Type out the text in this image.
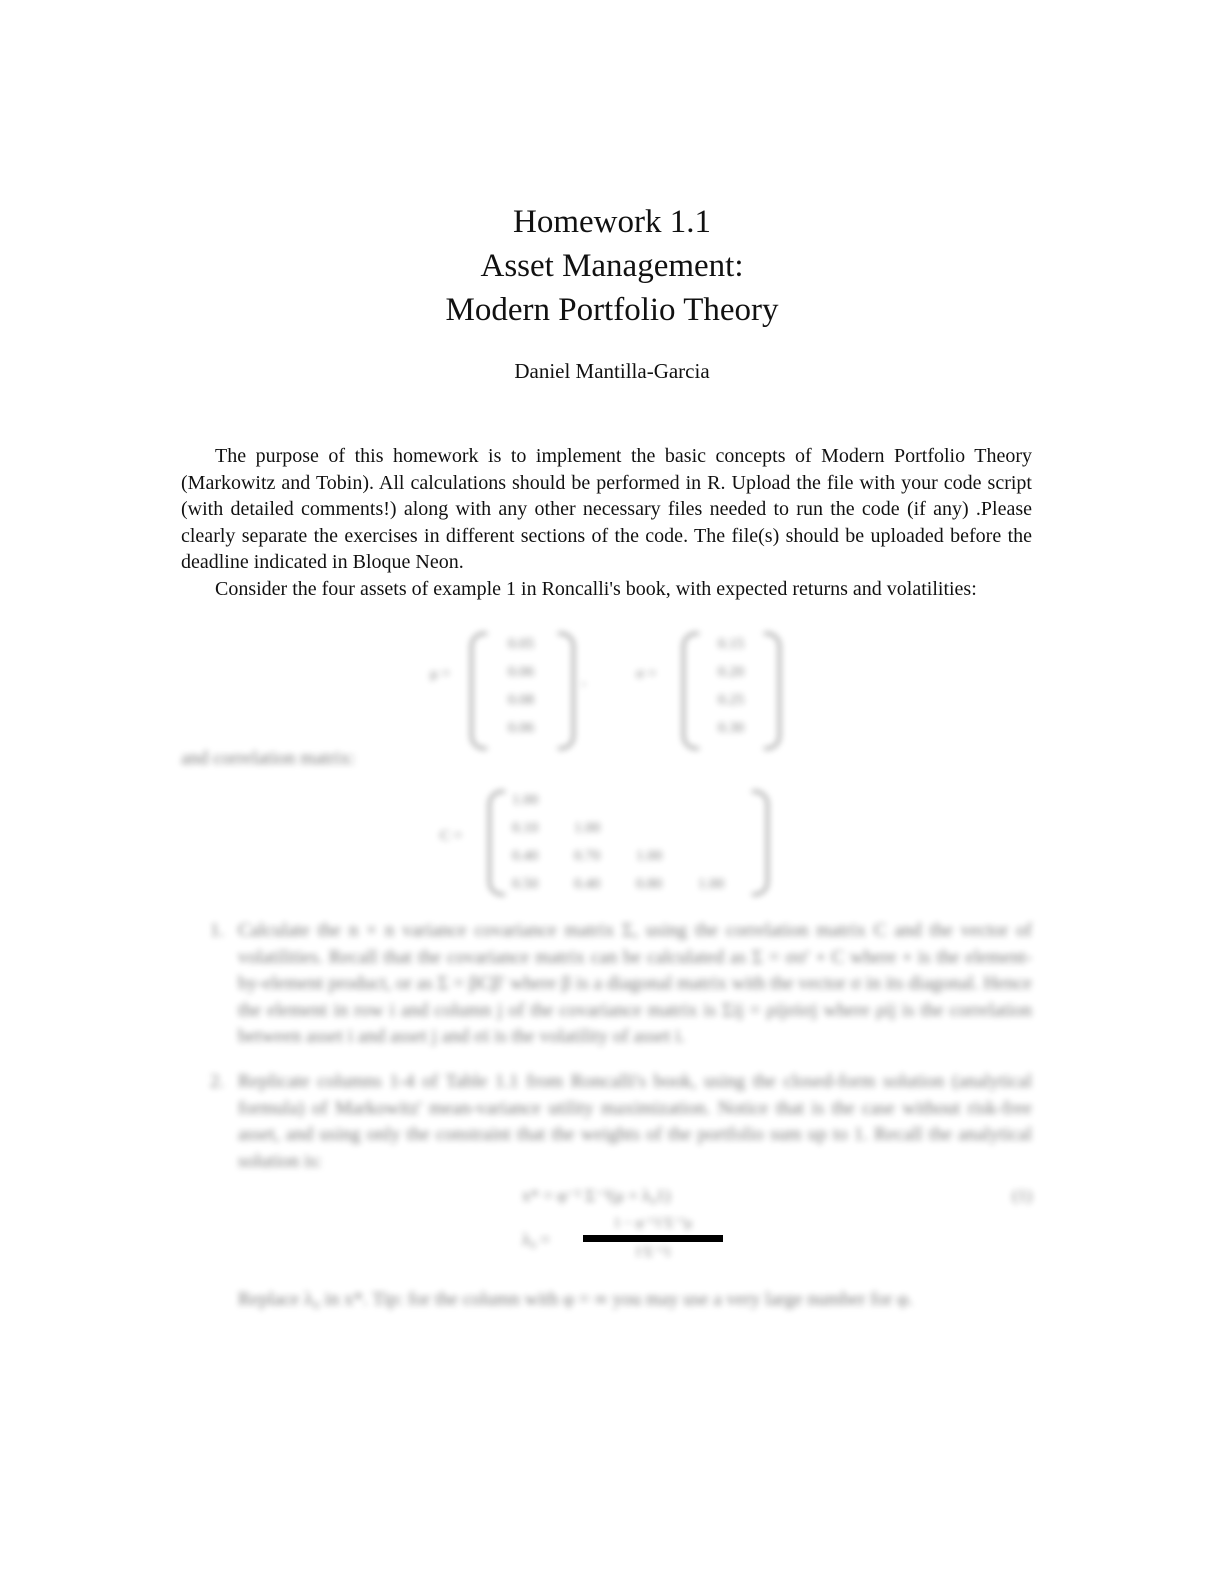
Homework 1.1
Asset Management:
Modern Portfolio Theory
Daniel Mantilla-Garcia

The purpose of this homework is to implement the basic concepts of Modern Portfolio Theory (Markowitz and Tobin). All calculations should be performed in R. Upload the file with your code script (with detailed comments!) along with any other necessary files needed to run the code (if any) .Please clearly separate the exercises in different sections of the code. The file(s) should be uploaded before the deadline indicated in Bloque Neon.

Consider the four assets of example 1 in Roncalli's book, with expected returns and volatilities:

μ =
0.05
0.06
0.08
0.06
,	σ =
0.15
0.20
0.25
0.30
and correlation matrix:
C =
1.00
0.10 1.00
0.40 0.70 1.00
0.50 0.40 0.80 1.00
1. Calculate the n × n variance covariance matrix Σ, using the correlation matrix C and the vector of volatilities. Recall that the covariance matrix can be calculated as Σ = σσ′ ∘ C where ∘ is the element-by-element product, or as Σ = βCβ′ where β is a diagonal matrix with the vector σ in its diagonal. Hence the element in row i and column j of the covariance matrix is Σij = ρijσiσj where ρij is the correlation between asset i and asset j and σi is the volatility of asset i.
2. Replicate columns 1-4 of Table 1.1 from Roncalli's book, using the closed-form solution (analytical formula) of Markowitz' mean-variance utility maximization. Notice that is the case without risk-free asset, and using only the constraint that the weights of the portfolio sum up to 1. Recall the analytical solution is:
x* = φ⁻¹ Σ⁻¹(μ + λ₀1)	(1)
λ₀ =
1 − φ⁻¹1′Σ⁻¹μ
1′Σ⁻¹1
Replace λ₀ in x*. Tip: for the column with φ = ∞ you may use a very large number for φ.
